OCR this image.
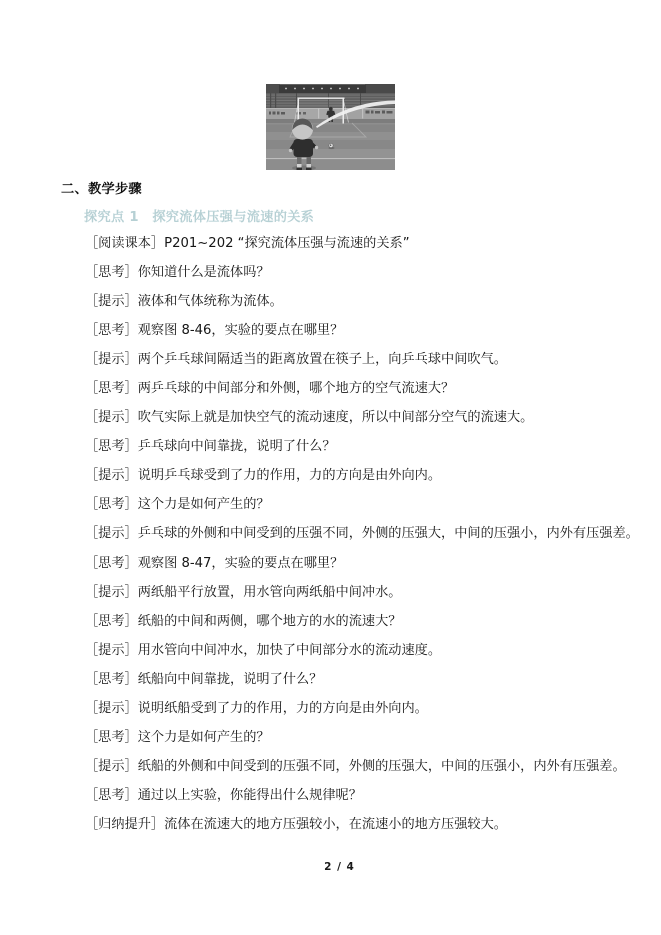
二、教学步骤
探究点 1　探究流体压强与流速的关系

［阅读课本］P201~202 “探究流体压强与流速的关系”

［思考］你知道什么是流体吗？

［提示］液体和气体统称为流体。

［思考］观察图 8-46，实验的要点在哪里？

［提示］两个乒乓球间隔适当的距离放置在筷子上，向乒乓球中间吹气。

［思考］两乒乓球的中间部分和外侧，哪个地方的空气流速大？

［提示］吹气实际上就是加快空气的流动速度，所以中间部分空气的流速大。

［思考］乒乓球向中间靠拢，说明了什么？

［提示］说明乒乓球受到了力的作用，力的方向是由外向内。

［思考］这个力是如何产生的？

［提示］乒乓球的外侧和中间受到的压强不同，外侧的压强大，中间的压强小，内外有压强差。

［思考］观察图 8-47，实验的要点在哪里？

［提示］两纸船平行放置，用水管向两纸船中间冲水。

［思考］纸船的中间和两侧，哪个地方的水的流速大？

［提示］用水管向中间冲水，加快了中间部分水的流动速度。

［思考］纸船向中间靠拢，说明了什么？

［提示］说明纸船受到了力的作用，力的方向是由外向内。

［思考］这个力是如何产生的？

［提示］纸船的外侧和中间受到的压强不同，外侧的压强大，中间的压强小，内外有压强差。

［思考］通过以上实验，你能得出什么规律呢？

［归纳提升］流体在流速大的地方压强较小，在流速小的地方压强较大。

2 / 4
